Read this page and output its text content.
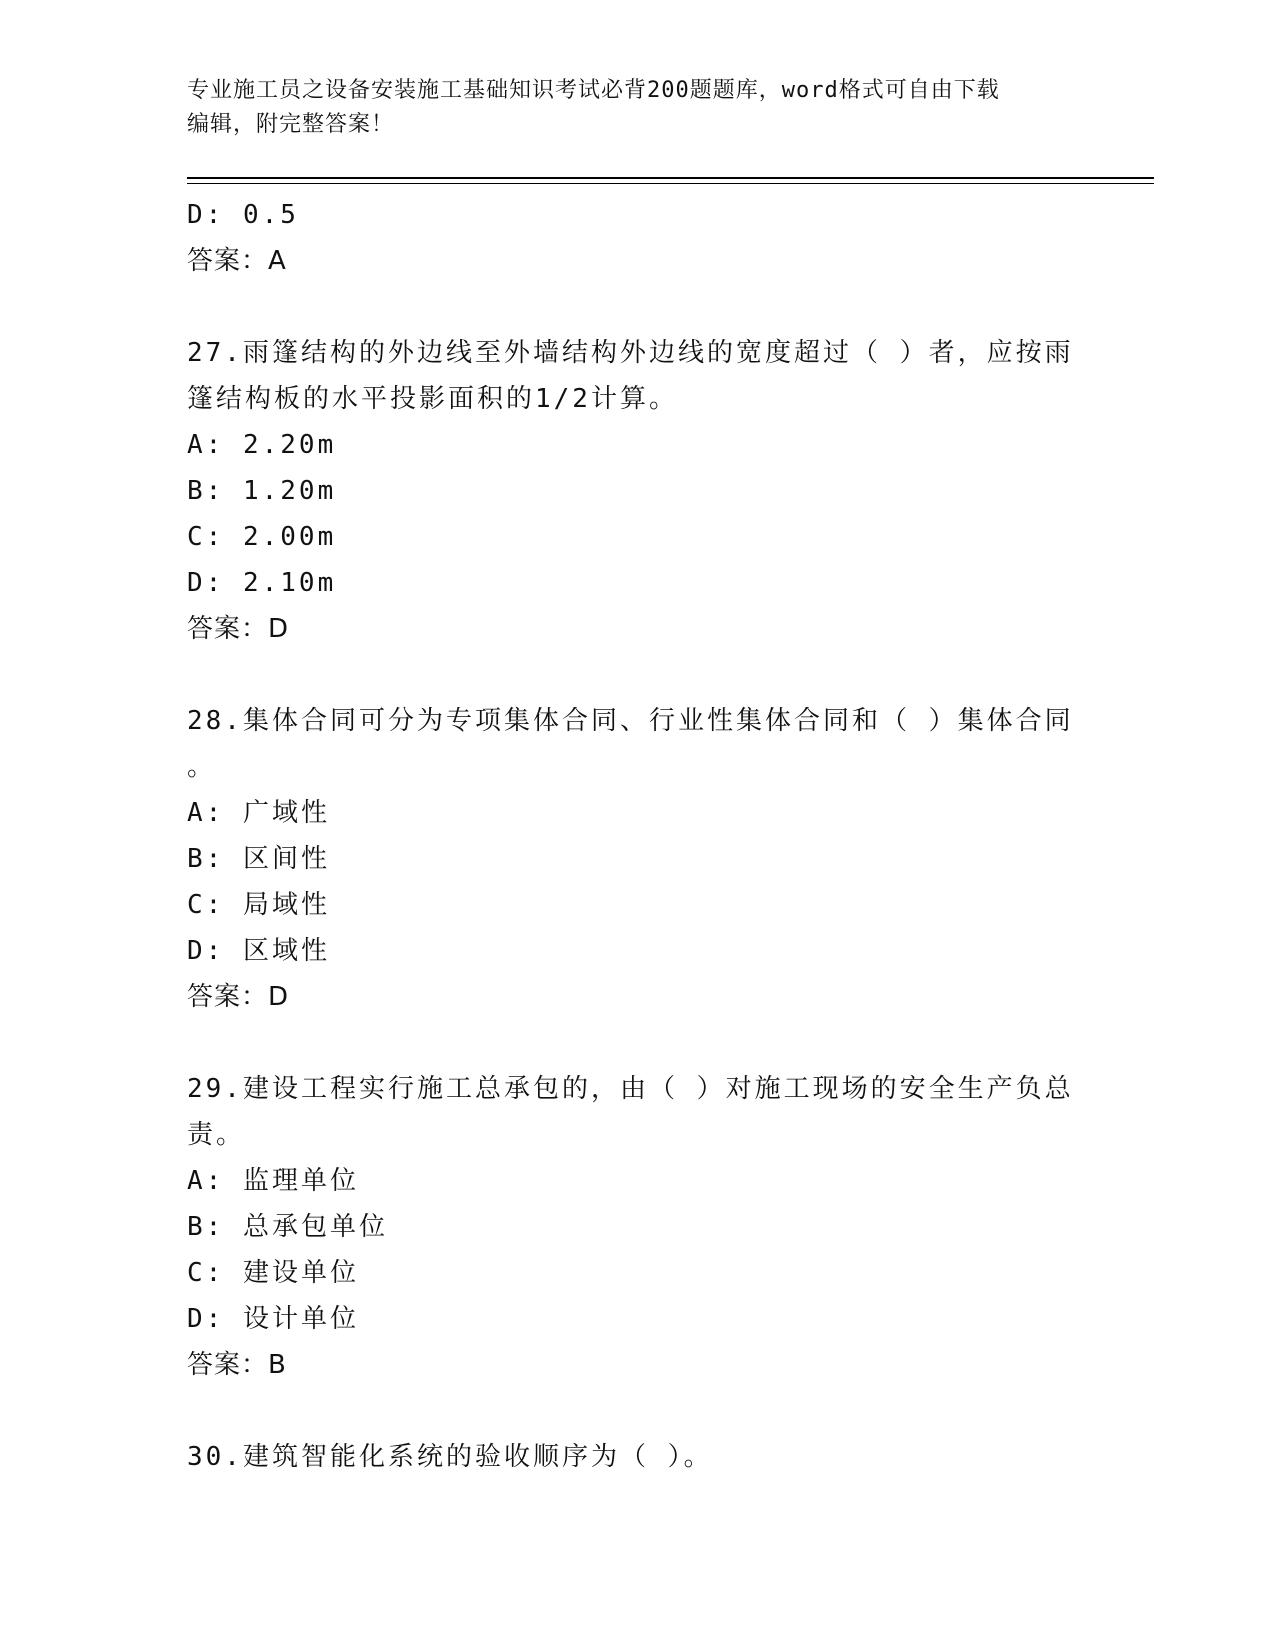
专业施工员之设备安装施工基础知识考试必背200题题库，word格式可自由下载
编辑，附完整答案！
D: 0.5
答案：A
27.雨篷结构的外边线至外墙结构外边线的宽度超过（ ）者，应按雨
篷结构板的水平投影面积的1/2计算。
A: 2.20m
B: 1.20m
C: 2.00m
D: 2.10m
答案：D
28.集体合同可分为专项集体合同、行业性集体合同和（ ）集体合同
。
A: 广域性
B: 区间性
C: 局域性
D: 区域性
答案：D
29.建设工程实行施工总承包的，由（ ）对施工现场的安全生产负总
责。
A: 监理单位
B: 总承包单位
C: 建设单位
D: 设计单位
答案：B
30.建筑智能化系统的验收顺序为（ ）。
